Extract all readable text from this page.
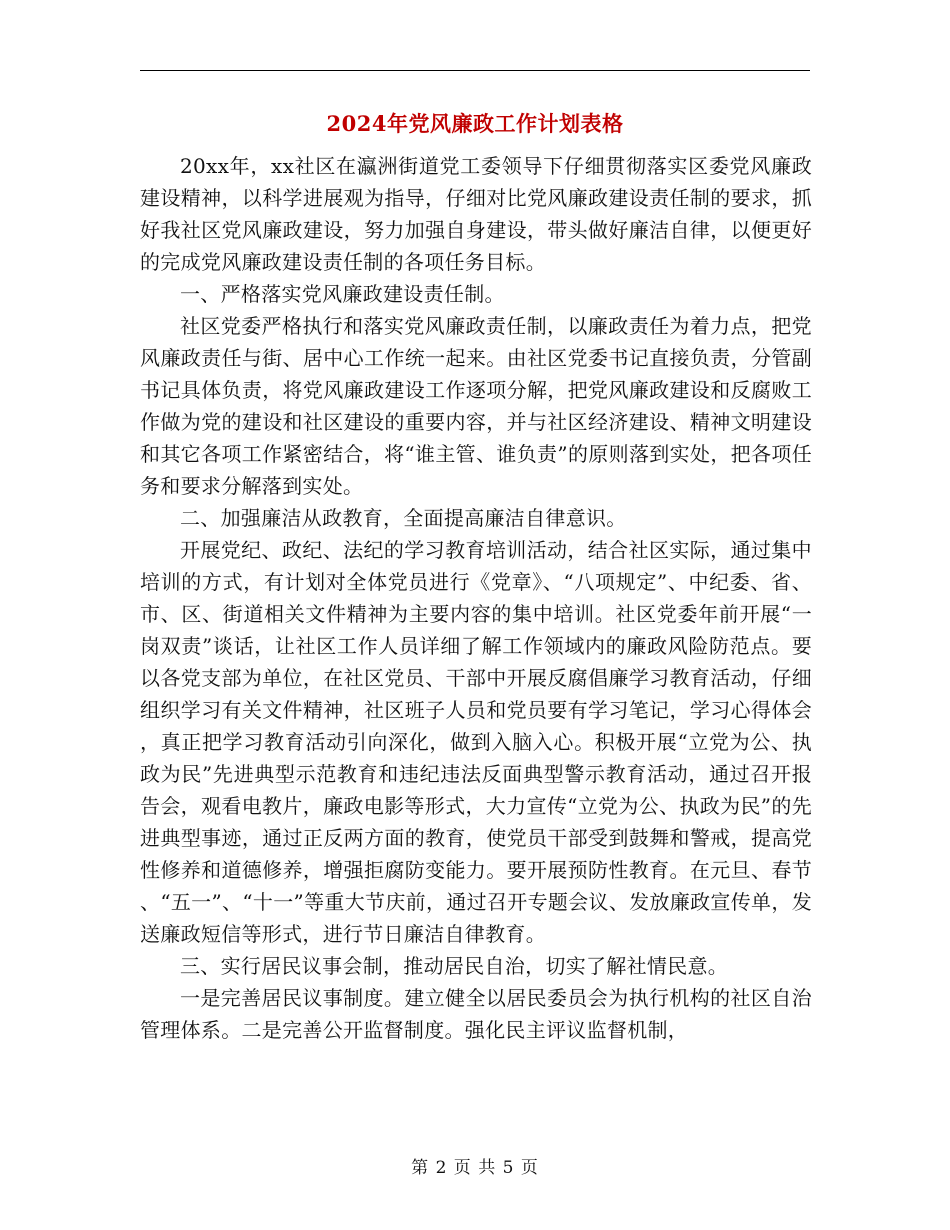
2024年党风廉政工作计划表格

20xx年，xx社区在瀛洲街道党工委领导下仔细贯彻落实区委党风廉政建设精神，以科学进展观为指导，仔细对比党风廉政建设责任制的要求，抓好我社区党风廉政建设，努力加强自身建设，带头做好廉洁自律，以便更好的完成党风廉政建设责任制的各项任务目标。

一、严格落实党风廉政建设责任制。

社区党委严格执行和落实党风廉政责任制，以廉政责任为着力点，把党风廉政责任与街、居中心工作统一起来。由社区党委书记直接负责，分管副书记具体负责，将党风廉政建设工作逐项分解，把党风廉政建设和反腐败工作做为党的建设和社区建设的重要内容，并与社区经济建设、精神文明建设和其它各项工作紧密结合，将“谁主管、谁负责”的原则落到实处，把各项任务和要求分解落到实处。

二、加强廉洁从政教育，全面提高廉洁自律意识。

开展党纪、政纪、法纪的学习教育培训活动，结合社区实际，通过集中培训的方式，有计划对全体党员进行《党章》、“八项规定”、中纪委、省、市、区、街道相关文件精神为主要内容的集中培训。社区党委年前开展“一岗双责”谈话，让社区工作人员详细了解工作领域内的廉政风险防范点。要以各党支部为单位，在社区党员、干部中开展反腐倡廉学习教育活动，仔细组织学习有关文件精神，社区班子人员和党员要有学习笔记，学习心得体会，真正把学习教育活动引向深化，做到入脑入心。积极开展“立党为公、执政为民”先进典型示范教育和违纪违法反面典型警示教育活动，通过召开报告会，观看电教片，廉政电影等形式，大力宣传“立党为公、执政为民”的先进典型事迹，通过正反两方面的教育，使党员干部受到鼓舞和警戒，提高党性修养和道德修养，增强拒腐防变能力。要开展预防性教育。在元旦、春节、“五一”、“十一”等重大节庆前，通过召开专题会议、发放廉政宣传单，发送廉政短信等形式，进行节日廉洁自律教育。

三、实行居民议事会制，推动居民自治，切实了解社情民意。

一是完善居民议事制度。建立健全以居民委员会为执行机构的社区自治管理体系。二是完善公开监督制度。强化民主评议监督机制，

第 2 页 共 5 页
